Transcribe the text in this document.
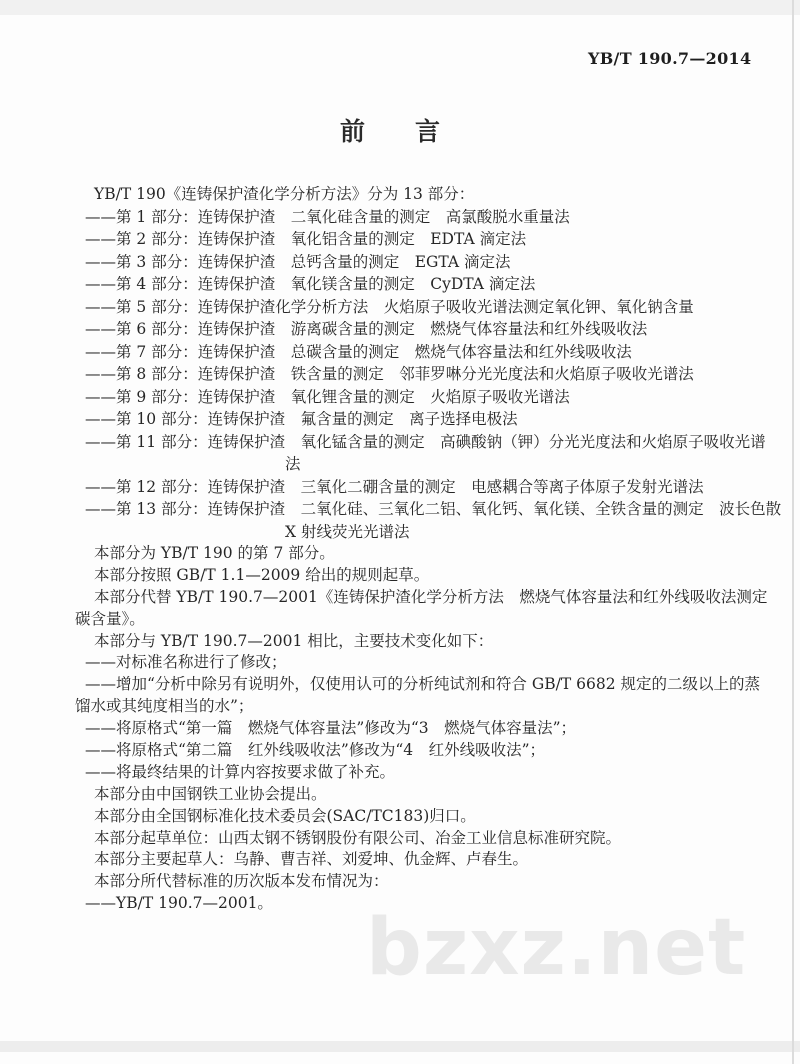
bzxz.net
YB/T 190.7—2014
前　　言
YB/T 190《连铸保护渣化学分析方法》分为 13 部分：
——第 1 部分：连铸保护渣　二氧化硅含量的测定　高氯酸脱水重量法
——第 2 部分：连铸保护渣　氧化铝含量的测定　EDTA 滴定法
——第 3 部分：连铸保护渣　总钙含量的测定　EGTA 滴定法
——第 4 部分：连铸保护渣　氧化镁含量的测定　CyDTA 滴定法
——第 5 部分：连铸保护渣化学分析方法　火焰原子吸收光谱法测定氧化钾、氧化钠含量
——第 6 部分：连铸保护渣　游离碳含量的测定　燃烧气体容量法和红外线吸收法
——第 7 部分：连铸保护渣　总碳含量的测定　燃烧气体容量法和红外线吸收法
——第 8 部分：连铸保护渣　铁含量的测定　邻菲罗啉分光光度法和火焰原子吸收光谱法
——第 9 部分：连铸保护渣　氧化锂含量的测定　火焰原子吸收光谱法
——第 10 部分：连铸保护渣　氟含量的测定　离子选择电极法
——第 11 部分：连铸保护渣　氧化锰含量的测定　高碘酸钠（钾）分光光度法和火焰原子吸收光谱
法
——第 12 部分：连铸保护渣　三氧化二硼含量的测定　电感耦合等离子体原子发射光谱法
——第 13 部分：连铸保护渣　二氧化硅、三氧化二铝、氧化钙、氧化镁、全铁含量的测定　波长色散
X 射线荧光光谱法
本部分为 YB/T 190 的第 7 部分。
本部分按照 GB/T 1.1—2009 给出的规则起草。
本部分代替 YB/T 190.7—2001《连铸保护渣化学分析方法　燃烧气体容量法和红外线吸收法测定
碳含量》。
本部分与 YB/T 190.7—2001 相比，主要技术变化如下：
——对标准名称进行了修改；
——增加“分析中除另有说明外，仅使用认可的分析纯试剂和符合 GB/T 6682 规定的二级以上的蒸
馏水或其纯度相当的水”；
——将原格式“第一篇　燃烧气体容量法”修改为“3　燃烧气体容量法”；
——将原格式“第二篇　红外线吸收法”修改为“4　红外线吸收法”；
——将最终结果的计算内容按要求做了补充。
本部分由中国钢铁工业协会提出。
本部分由全国钢标准化技术委员会(SAC/TC183)归口。
本部分起草单位：山西太钢不锈钢股份有限公司、冶金工业信息标准研究院。
本部分主要起草人：乌静、曹吉祥、刘爱坤、仇金辉、卢春生。
本部分所代替标准的历次版本发布情况为：
——YB/T 190.7—2001。
